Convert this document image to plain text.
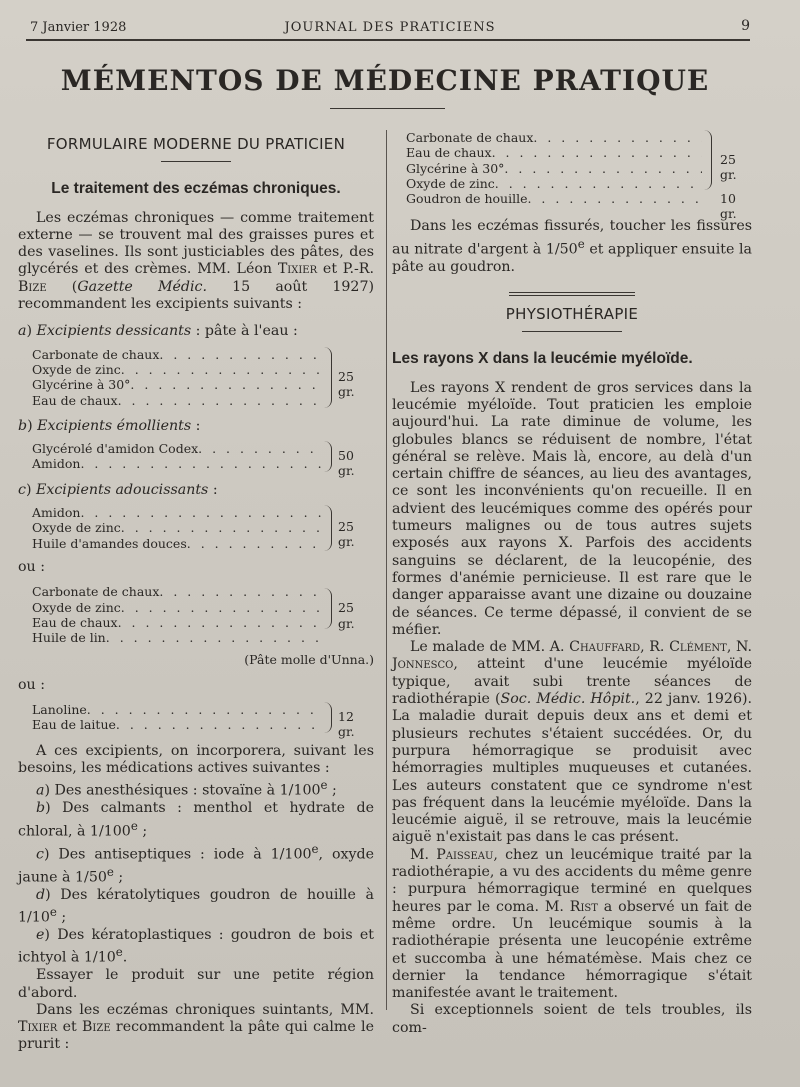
7 Janvier 1928	JOURNAL DES PRATICIENS	9
MÉMENTOS DE MÉDECINE PRATIQUE
FORMULAIRE MODERNE DU PRATICIEN
Le traitement des eczémas chroniques.

Les eczémas chroniques — comme traitement externe — se trouvent mal des graisses pures et des vaselines. Ils sont justiciables des pâtes, des glycérés et des crèmes. MM. Léon Tixier et P.-R. Bize (Gazette Médic. 15 août 1927) recommandent les excipients suivants :

a) Excipients dessicants : pâte à l'eau :

Carbonate de chaux
. . .
Oxyde de zinc
. . .
Glycérine à 30°
. . .
Eau de chaux
. . .
25 gr.

b) Excipients émollients :

Glycérolé d'amidon Codex
. . .
Amidon
. . .
50 gr.

c) Excipients adoucissants :

Amidon
. . .
Oxyde de zinc
. . .
Huile d'amandes douces
. . .
25 gr.

ou :

Carbonate de chaux
. . .
Oxyde de zinc
. . .
Eau de chaux
. . .
Huile de lin
. . .
25 gr.
(Pâte molle d'Unna.)

ou :

Lanoline
. . .
Eau de laitue
. . .
12 gr.

A ces excipients, on incorporera, suivant les besoins, les médications actives suivantes :

a) Des anesthésiques : stovaïne à 1/100e ;

b) Des calmants : menthol et hydrate de chloral, à 1/100e ;

c) Des antiseptiques : iode à 1/100e, oxyde jaune à 1/50e ;

d) Des kératolytiques goudron de houille à 1/10e ;

e) Des kératoplastiques : goudron de bois et ichtyol à 1/10e.

Essayer le produit sur une petite région d'abord.

Dans les eczémas chroniques suintants, MM. Tixier et Bize recommandent la pâte qui calme le prurit :

Carbonate de chaux
. . .
Eau de chaux
. . .
Glycérine à 30°
. . .
Oxyde de zinc
. . .
25 gr.
Goudron de houille
. . .	10 gr.

Dans les eczémas fissurés, toucher les fissures au nitrate d'argent à 1/50e et appliquer ensuite la pâte au goudron.

PHYSIOTHÉRAPIE
Les rayons X dans la leucémie myéloïde.

Les rayons X rendent de gros services dans la leucémie myéloïde. Tout praticien les emploie aujourd'hui. La rate diminue de volume, les globules blancs se réduisent de nombre, l'état général se relève. Mais là, encore, au delà d'un certain chiffre de séances, au lieu des avantages, ce sont les inconvénients qu'on recueille. Il en advient des leucémiques comme des opérés pour tumeurs malignes ou de tous autres sujets exposés aux rayons X. Parfois des accidents sanguins se déclarent, de la leucopénie, des formes d'anémie pernicieuse. Il est rare que le danger apparaisse avant une dizaine ou douzaine de séances. Ce terme dépassé, il convient de se méfier.

Le malade de MM. A. Chauffard, R. Clément, N. Jonnesco, atteint d'une leucémie myéloïde typique, avait subi trente séances de radiothérapie (Soc. Médic. Hôpit., 22 janv. 1926). La maladie durait depuis deux ans et demi et plusieurs rechutes s'étaient succédées. Or, du purpura hémorragique se produisit avec hémorragies multiples muqueuses et cutanées. Les auteurs constatent que ce syndrome n'est pas fréquent dans la leucémie myéloïde. Dans la leucémie aiguë, il se retrouve, mais la leucémie aiguë n'existait pas dans le cas présent.

M. Paisseau, chez un leucémique traité par la radiothérapie, a vu des accidents du même genre : purpura hémorragique terminé en quelques heures par le coma. M. Rist a observé un fait de même ordre. Un leucémique soumis à la radiothérapie présenta une leucopénie extrême et succomba à une hématémèse. Mais chez ce dernier la tendance hémorragique s'était manifestée avant le traitement.

Si exceptionnels soient de tels troubles, ils com-
